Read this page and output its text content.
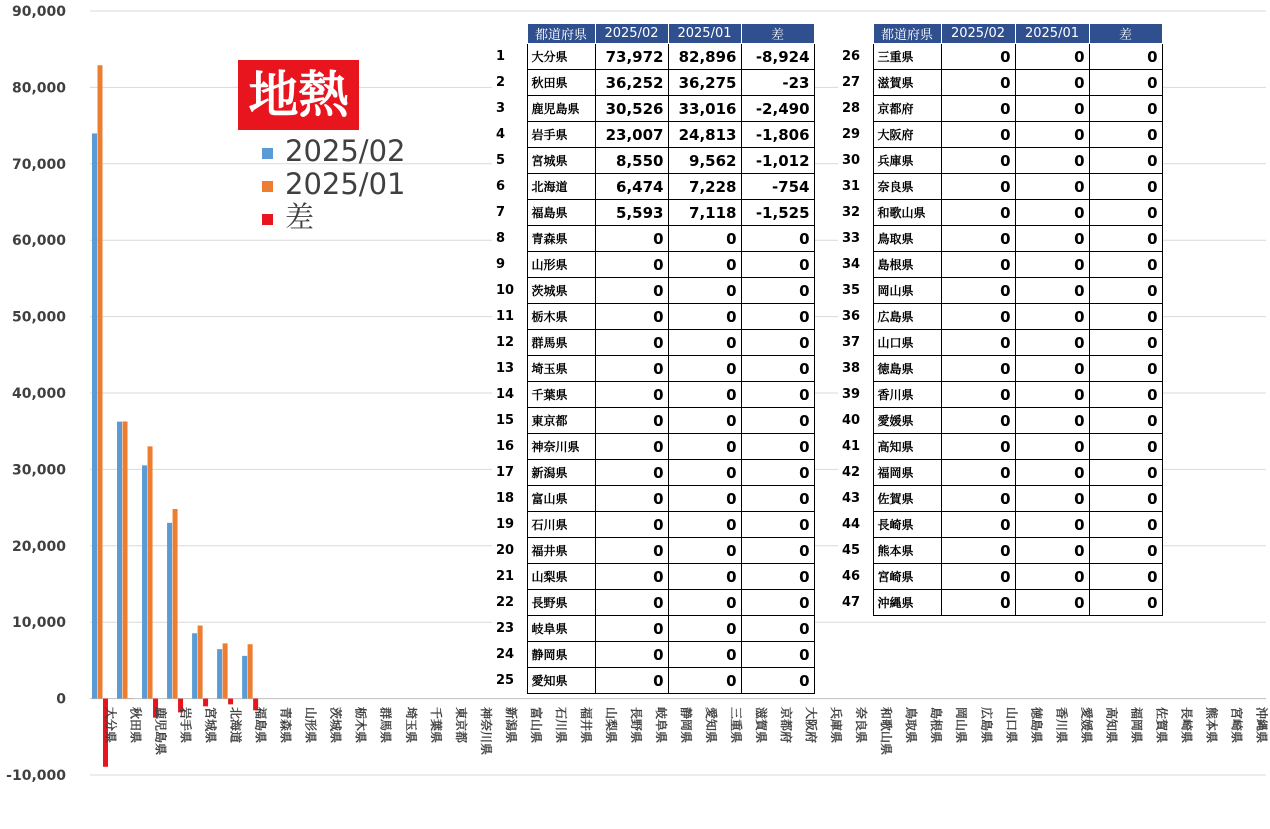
-10,000
0
10,000
20,000
30,000
40,000
50,000
60,000
70,000
80,000
90,000
大分県 秋田県 鹿児島県 岩手県 宮城県 北海道 福島県 青森県 山形県 茨城県 栃木県 群馬県 埼玉県 千葉県 東京都 神奈川県 新潟県 富山県 石川県 福井県 山梨県 長野県 岐阜県 静岡県 愛知県 三重県 滋賀県 京都府 大阪府 兵庫県 奈良県 和歌山県 鳥取県 島根県 岡山県 広島県 山口県 徳島県 香川県 愛媛県 高知県 福岡県 佐賀県 長崎県 熊本県 宮崎県 沖縄県
地熱
2025/02
2025/01
差
	都道府県	2025/02	2025/01	差
1	大分県	73,972	82,896	-8,924
2	秋田県	36,252	36,275	-23
3	鹿児島県	30,526	33,016	-2,490
4	岩手県	23,007	24,813	-1,806
5	宮城県	8,550	9,562	-1,012
6	北海道	6,474	7,228	-754
7	福島県	5,593	7,118	-1,525
8	青森県	0	0	0
9	山形県	0	0	0
10	茨城県	0	0	0
11	栃木県	0	0	0
12	群馬県	0	0	0
13	埼玉県	0	0	0
14	千葉県	0	0	0
15	東京都	0	0	0
16	神奈川県	0	0	0
17	新潟県	0	0	0
18	富山県	0	0	0
19	石川県	0	0	0
20	福井県	0	0	0
21	山梨県	0	0	0
22	長野県	0	0	0
23	岐阜県	0	0	0
24	静岡県	0	0	0
25	愛知県	0	0	0
	都道府県	2025/02	2025/01	差
26	三重県	0	0	0
27	滋賀県	0	0	0
28	京都府	0	0	0
29	大阪府	0	0	0
30	兵庫県	0	0	0
31	奈良県	0	0	0
32	和歌山県	0	0	0
33	鳥取県	0	0	0
34	島根県	0	0	0
35	岡山県	0	0	0
36	広島県	0	0	0
37	山口県	0	0	0
38	徳島県	0	0	0
39	香川県	0	0	0
40	愛媛県	0	0	0
41	高知県	0	0	0
42	福岡県	0	0	0
43	佐賀県	0	0	0
44	長崎県	0	0	0
45	熊本県	0	0	0
46	宮崎県	0	0	0
47	沖縄県	0	0	0
